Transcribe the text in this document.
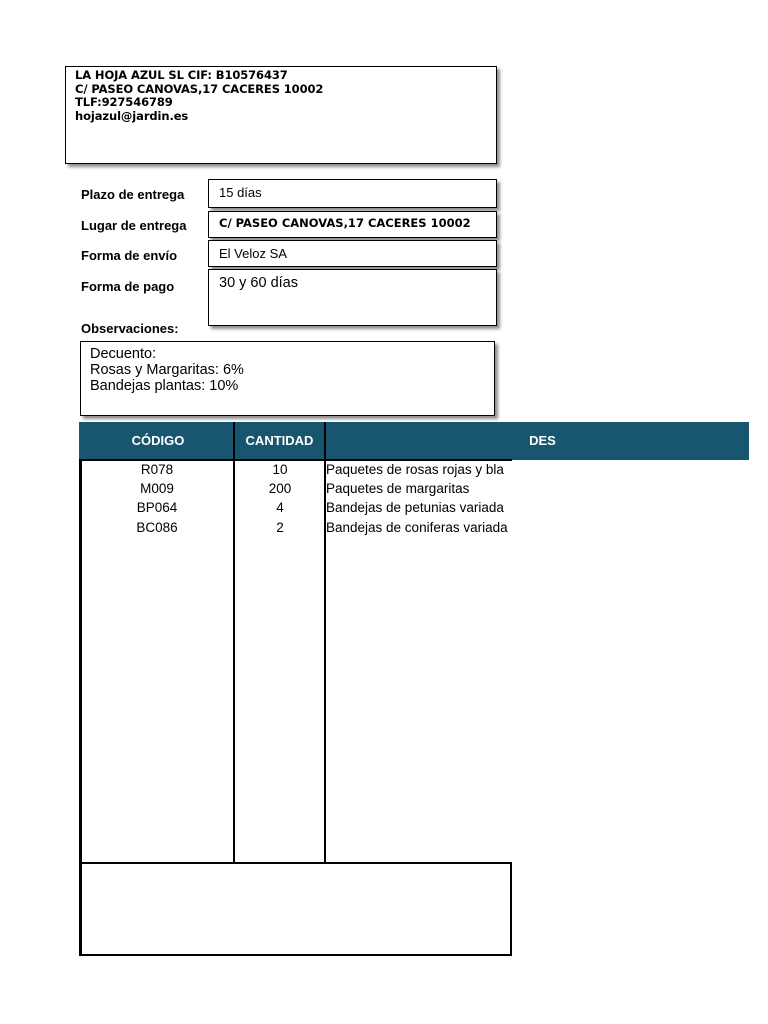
LA HOJA AZUL SL CIF: B10576437
C/ PASEO CANOVAS,17 CACERES 10002
TLF:927546789
hojazul@jardin.es
Plazo de entrega	15 días
Lugar de entrega	C/ PASEO CANOVAS,17 CACERES 10002
Forma de envío	El Veloz SA
Forma de pago	30 y 60 días
Observaciones:
Decuento:
Rosas y Margaritas: 6%
Bandejas plantas: 10%
CÓDIGO	CANTIDAD	DES
R078	10	Paquetes de rosas rojas y bla
M009	200	Paquetes de margaritas
BP064	4	Bandejas de petunias variada
BC086	2	Bandejas de coniferas variada
